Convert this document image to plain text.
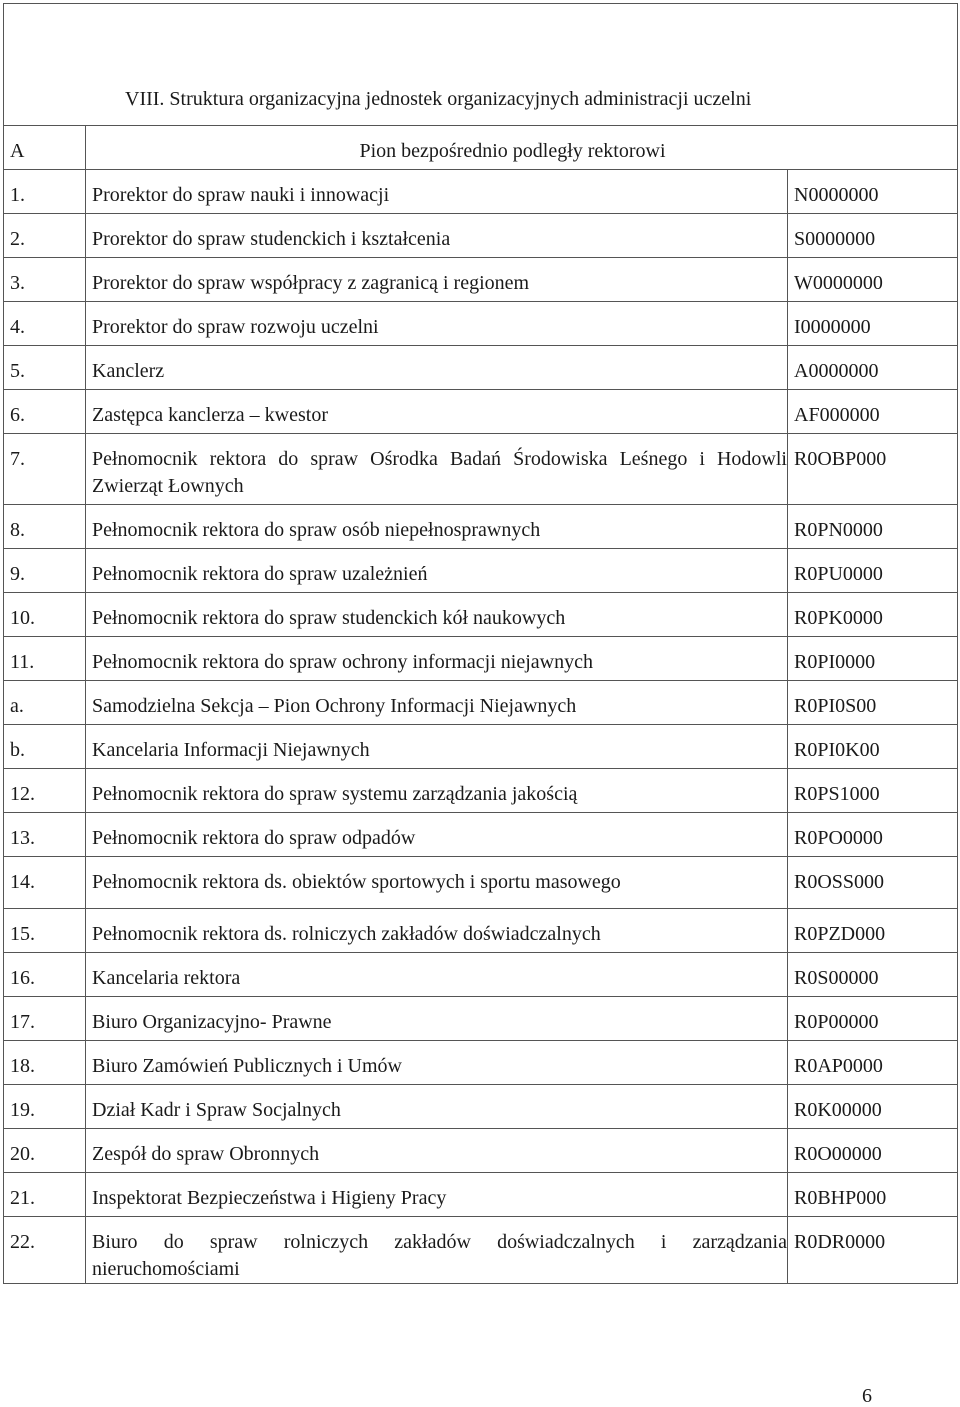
VIII. Struktura organizacyjna jednostek organizacyjnych administracji uczelni		

A	Pion bezpośrednio podległy rektorowi	
1.	Prorektor do spraw nauki i innowacji	N0000000
2.	Prorektor do spraw studenckich i kształcenia	S0000000
3.	Prorektor do spraw współpracy z zagranicą i regionem	W0000000
4.	Prorektor do spraw rozwoju uczelni	I0000000
5.	Kanclerz	A0000000
6.	Zastępca kanclerza – kwestor	AF000000
7.	Pełnomocnik rektora do spraw Ośrodka Badań Środowiska Leśnego i Hodowli Zwierząt Łownych	R0OBP000
8.	Pełnomocnik rektora do spraw osób niepełnosprawnych	R0PN0000
9.	Pełnomocnik rektora do spraw uzależnień	R0PU0000
10.	Pełnomocnik rektora do spraw studenckich kół naukowych	R0PK0000
11.	Pełnomocnik rektora do spraw ochrony informacji niejawnych	R0PI0000
a.	Samodzielna Sekcja – Pion Ochrony Informacji Niejawnych	R0PI0S00
b.	Kancelaria Informacji Niejawnych	R0PI0K00
12.	Pełnomocnik rektora do spraw systemu zarządzania jakością	R0PS1000
13.	Pełnomocnik rektora do spraw odpadów	R0PO0000
14.	Pełnomocnik rektora ds. obiektów sportowych i sportu masowego	R0OSS000
15.	Pełnomocnik rektora ds. rolniczych zakładów doświadczalnych	R0PZD000
16.	Kancelaria rektora	R0S00000
17.	Biuro Organizacyjno- Prawne	R0P00000
18.	Biuro Zamówień Publicznych i Umów	R0AP0000
19.	Dział Kadr i Spraw Socjalnych	R0K00000
20.	Zespół do spraw Obronnych	R0O00000
21.	Inspektorat Bezpieczeństwa i Higieny Pracy	R0BHP000
22.	Biuro do spraw rolniczych zakładów doświadczalnych i zarządzania nieruchomościami	R0DR0000
6
